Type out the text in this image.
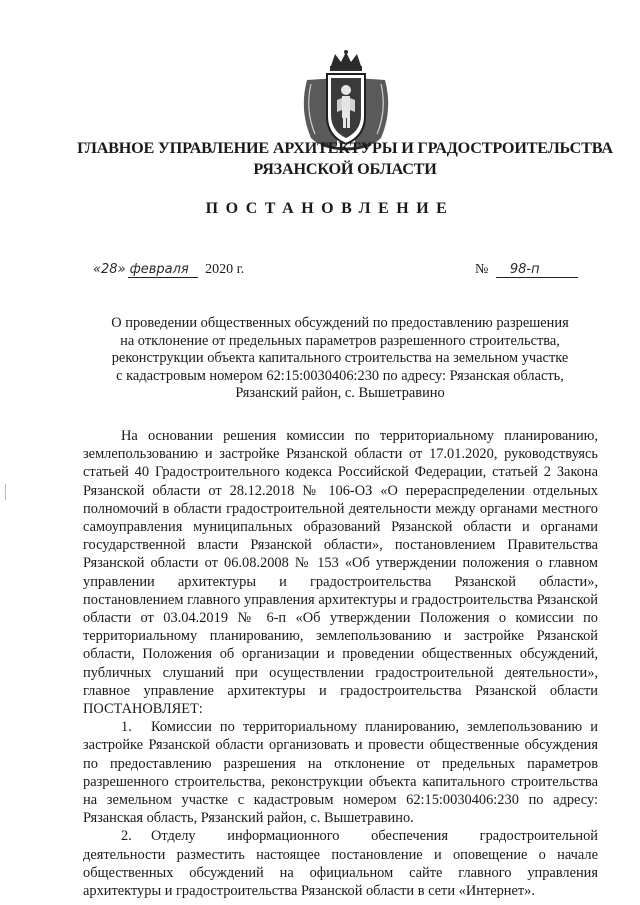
ГЛАВНОЕ УПРАВЛЕНИЕ АРХИТЕКТУРЫ И ГРАДОСТРОИТЕЛЬСТВА
РЯЗАНСКОЙ ОБЛАСТИ
ПОСТАНОВЛЕНИЕ
«28» февраля 2020 г.	№ 98-п
О проведении общественных обсуждений по предоставлению разрешения
на отклонение от предельных параметров разрешенного строительства,
реконструкции объекта капитального строительства на земельном участке
с кадастровым номером 62:15:0030406:230 по адресу: Рязанская область,
Рязанский район, с. Вышетравино

На основании решения комиссии по территориальному планированию, землепользованию и застройке Рязанской области от 17.01.2020, руководствуясь статьей 40 Градостроительного кодекса Российской Федерации, статьей 2 Закона Рязанской области от 28.12.2018 № 106-ОЗ «О перераспределении отдельных полномочий в области градостроительной деятельности между органами местного самоуправления муниципальных образований Рязанской области и органами государственной власти Рязанской области», постановлением Правительства Рязанской области от 06.08.2008 № 153 «Об утверждении положения о главном управлении архитектуры и градостроительства Рязанской области», постановлением главного управления архитектуры и градостроительства Рязанской области от 03.04.2019 № 6-п «Об утверждении Положения о комиссии по территориальному планированию, землепользованию и застройке Рязанской области, Положения об организации и проведении общественных обсуждений, публичных слушаний при осуществлении градостроительной деятельности», главное управление архитектуры и градостроительства Рязанской области ПОСТАНОВЛЯЕТ:

1. Комиссии по территориальному планированию, землепользованию и застройке Рязанской области организовать и провести общественные обсуждения по предоставлению разрешения на отклонение от предельных параметров разрешенного строительства, реконструкции объекта капитального строительства на земельном участке с кадастровым номером 62:15:0030406:230 по адресу: Рязанская область, Рязанский район, с. Вышетравино.

2. Отделу информационного обеспечения градостроительной деятельности разместить настоящее постановление и оповещение о начале общественных обсуждений на официальном сайте главного управления архитектуры и градостроительства Рязанской области в сети «Интернет».
